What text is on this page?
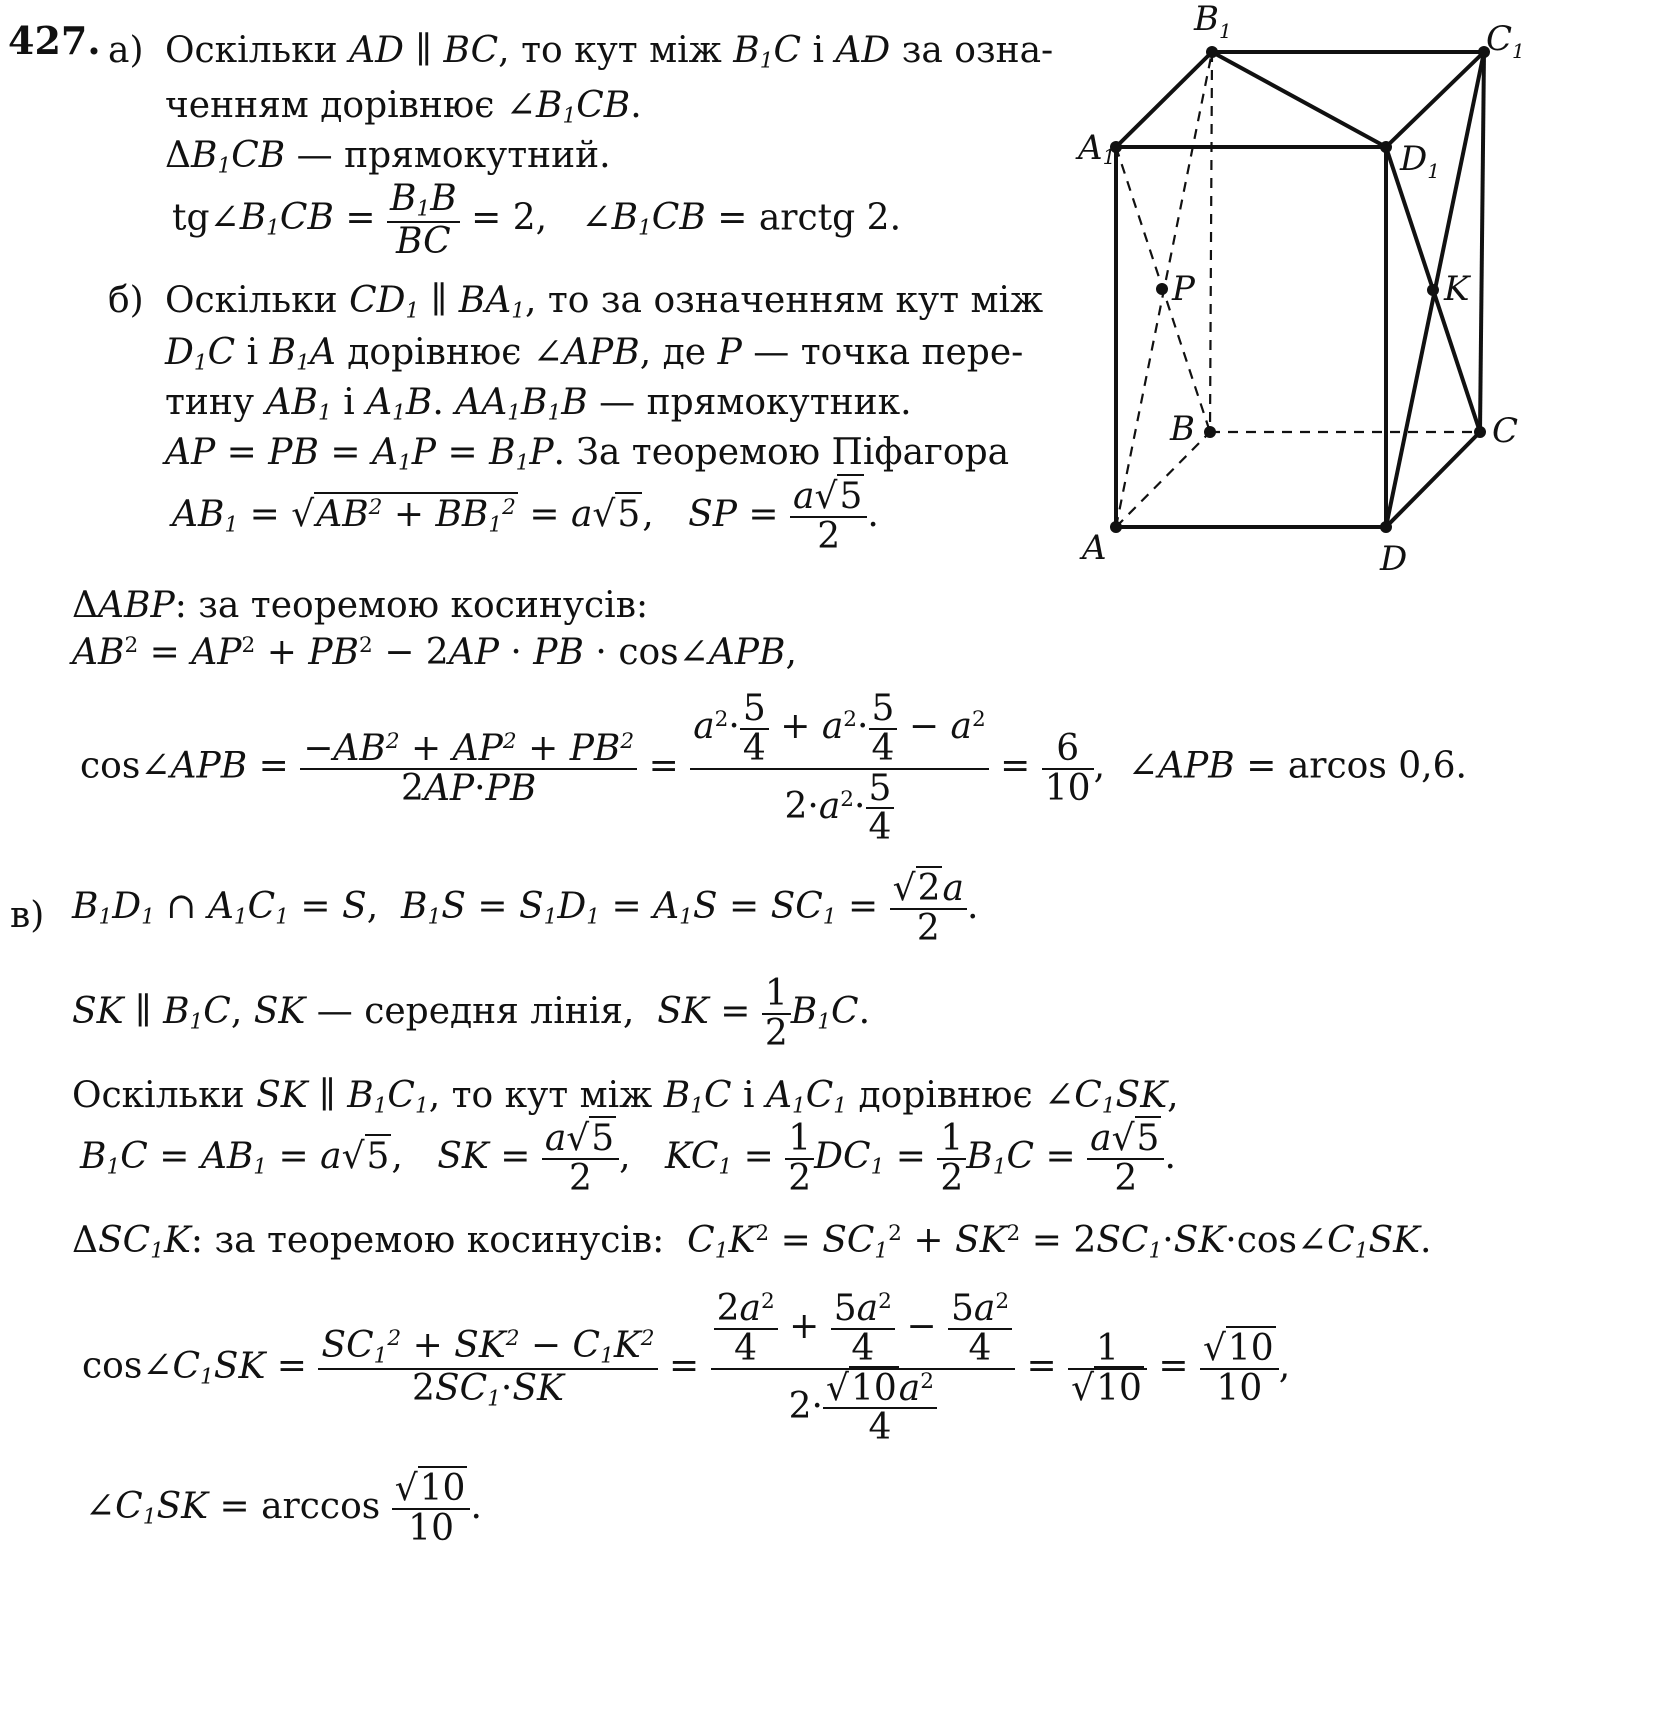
427. а) Оскільки AD ∥ BC, то кут між $B_1C$ і AD за озна-
ченням дорівнює $\angle B_1CB$.
$\Delta B_1CB$ — прямокутний.
$tg\angle B_1CB = \frac{B_1B}{BC} = 2$,   $\angle B_1CB$ = arctg 2.
б) Оскільки $CD_1$ ∥ $BA_1$, то за означенням кут між
$D_1C$ і $B_1A$ дорівнює ∠APB, де P — точка пере-
тину $AB_1$ і $A_1B$. $AA_1B_1B$ — прямокутник.
AP = PB = $A_1P = B_1P$. За теоремою Піфагора
$AB_1 = √AB^2 + BB_1^2 = a√5$,   SP = $\frac{a√5}{2}$ .
ΔABP: за теоремою косинусів:
$AB^2 = AP^2 + PB^2 - 2AP$ · PB · cos∠APB,
cos∠APB = $\frac{-AB^2 + AP^2 + PB^2}{2AP\cdot PB} = \frac{a^2\cdot \frac{5}{4} + a^2\cdot \frac{5}{4} - a^2}{2\cdot a^2\cdot \frac{5}{4}} = \frac{6}{10}$ ,  ∠APB = arcos 0,6.
в) $B_1D_1$ ∩ $A_1C_1 = S$,  $B_1S = S_1D_1 = A_1S = SC_1 = \frac{√2a}{2}$ .
SK ∥ $B_1C$, SK — середня лінія, SK = $\frac{1}{2} B_1C$.
Оскільки SK ∥ $B_1C_1$, то кут між $B_1C$ і $A_1C_1$ дорівнює $\angle C_1SK$,
$B_1C = AB_1 = a√5$,   SK = $\frac{a√5}{2}$ ,   $KC_1 = \frac{1}{2} DC_1 = \frac{1}{2} B_1C = \frac{a√5}{2}$ .
$\Delta SC_1K$: за теоремою косинусів: $C_1K^2 = SC_1^2 + SK^2$ = $2SC_1\cdot SK\cdot\cos\angle C_1SK$.
$\cos\angle C_1SK = \frac{SC_1^2 + SK^2 - C_1K^2}{2SC_1\cdot SK} = \frac{\frac{2a^2}{4} + \frac{5a^2}{4} - \frac{5a^2}{4}}{2\cdot \frac{√10a^2}{4}} = \frac{1}{√10} = \frac{√10}{10}$ ,
$\angle C_1SK = \arccos \frac{√10}{10}$ .
$B_1$	$C_1$
$D_1$
P	K
B	C
D
$A_1$
A
